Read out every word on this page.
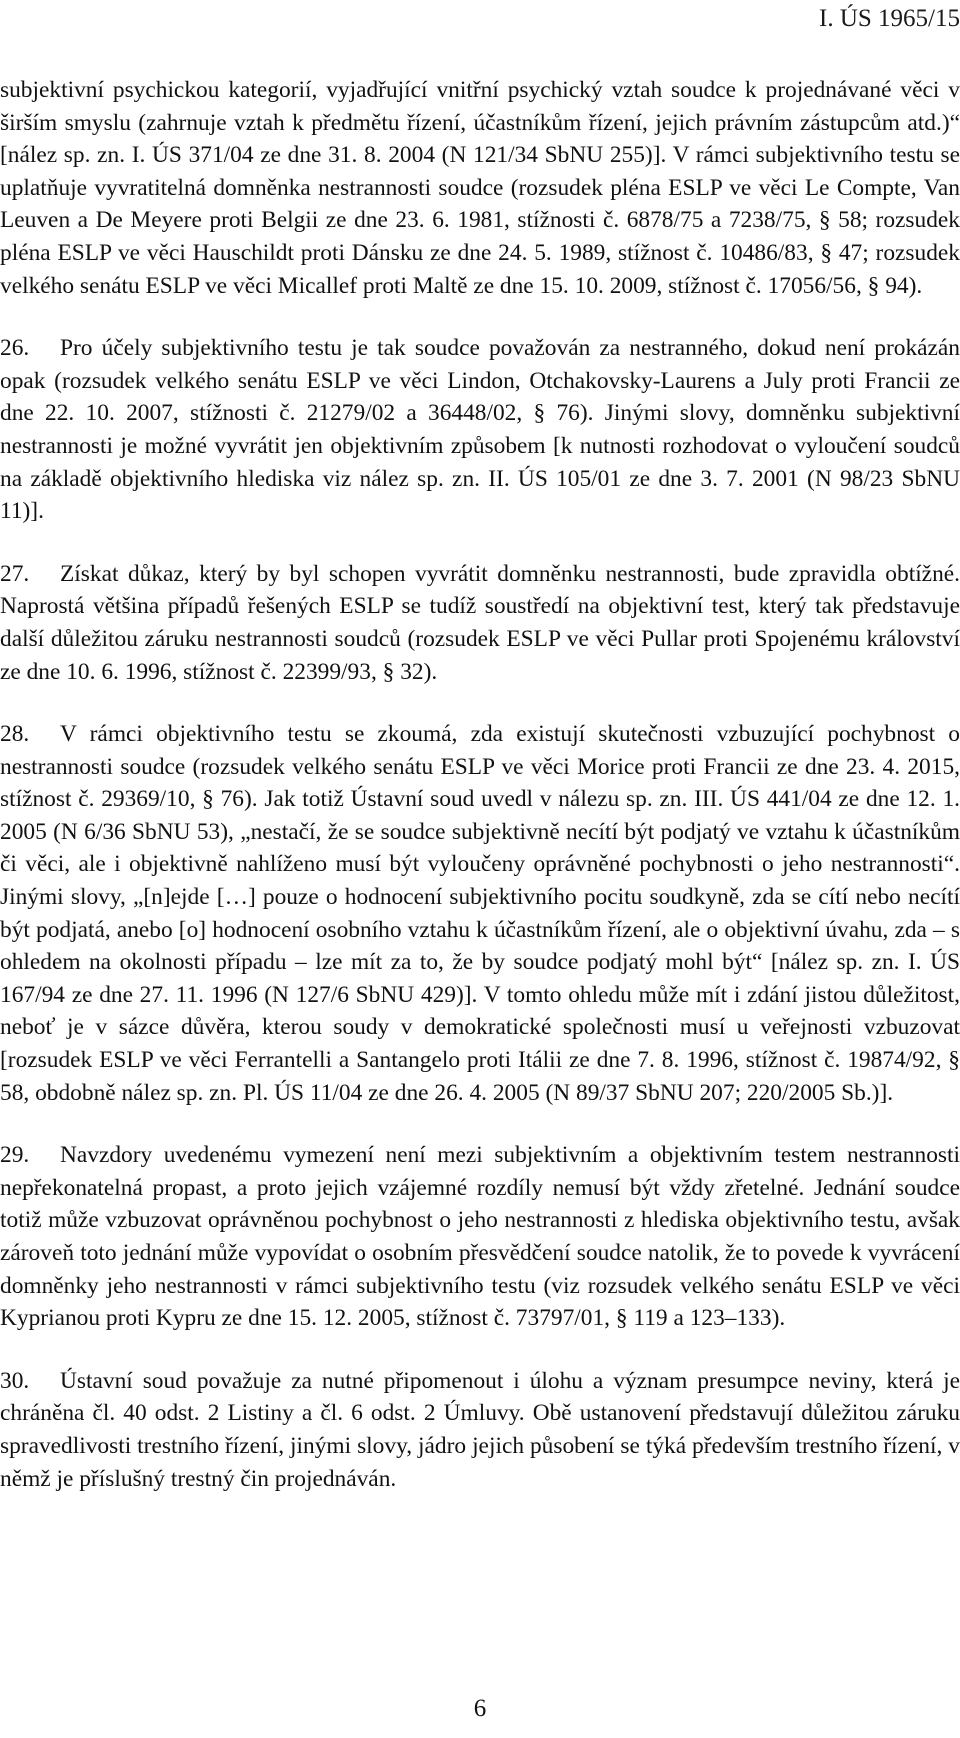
I. ÚS 1965/15

subjektivní psychickou kategorií, vyjadřující vnitřní psychický vztah soudce k projednávané věci v širším smyslu (zahrnuje vztah k předmětu řízení, účastníkům řízení, jejich právním zástupcům atd.)“ [nález sp. zn. I. ÚS 371/04 ze dne 31. 8. 2004 (N 121/34 SbNU 255)]. V rámci subjektivního testu se uplatňuje vyvratitelná domněnka nestrannosti soudce (rozsudek pléna ESLP ve věci Le Compte, Van Leuven a De Meyere proti Belgii ze dne 23. 6. 1981, stížnosti č. 6878/75 a 7238/75, § 58; rozsudek pléna ESLP ve věci Hauschildt proti Dánsku ze dne 24. 5. 1989, stížnost č. 10486/83, § 47; rozsudek velkého senátu ESLP ve věci Micallef proti Maltě ze dne 15. 10. 2009, stížnost č. 17056/56, § 94).

26. Pro účely subjektivního testu je tak soudce považován za nestranného, dokud není prokázán opak (rozsudek velkého senátu ESLP ve věci Lindon, Otchakovsky-Laurens a July proti Francii ze dne 22. 10. 2007, stížnosti č. 21279/02 a 36448/02, § 76). Jinými slovy, domněnku subjektivní nestrannosti je možné vyvrátit jen objektivním způsobem [k nutnosti rozhodovat o vyloučení soudců na základě objektivního hlediska viz nález sp. zn. II. ÚS 105/01 ze dne 3. 7. 2001 (N 98/23 SbNU 11)].

27. Získat důkaz, který by byl schopen vyvrátit domněnku nestrannosti, bude zpravidla obtížné. Naprostá většina případů řešených ESLP se tudíž soustředí na objektivní test, který tak představuje další důležitou záruku nestrannosti soudců (rozsudek ESLP ve věci Pullar proti Spojenému království ze dne 10. 6. 1996, stížnost č. 22399/93, § 32).

28. V rámci objektivního testu se zkoumá, zda existují skutečnosti vzbuzující pochybnost o nestrannosti soudce (rozsudek velkého senátu ESLP ve věci Morice proti Francii ze dne 23. 4. 2015, stížnost č. 29369/10, § 76). Jak totiž Ústavní soud uvedl v nálezu sp. zn. III. ÚS 441/04 ze dne 12. 1. 2005 (N 6/36 SbNU 53), „nestačí, že se soudce subjektivně necítí být podjatý ve vztahu k účastníkům či věci, ale i objektivně nahlíženo musí být vyloučeny oprávněné pochybnosti o jeho nestrannosti“. Jinými slovy, „[n]ejde […] pouze o hodnocení subjektivního pocitu soudkyně, zda se cítí nebo necítí být podjatá, anebo [o] hodnocení osobního vztahu k účastníkům řízení, ale o objektivní úvahu, zda – s ohledem na okolnosti případu – lze mít za to, že by soudce podjatý mohl být“ [nález sp. zn. I. ÚS 167/94 ze dne 27. 11. 1996 (N 127/6 SbNU 429)]. V tomto ohledu může mít i zdání jistou důležitost, neboť je v sázce důvěra, kterou soudy v demokratické společnosti musí u veřejnosti vzbuzovat [rozsudek ESLP ve věci Ferrantelli a Santangelo proti Itálii ze dne 7. 8. 1996, stížnost č. 19874/92, § 58, obdobně nález sp. zn. Pl. ÚS 11/04 ze dne 26. 4. 2005 (N 89/37 SbNU 207; 220/2005 Sb.)].

29. Navzdory uvedenému vymezení není mezi subjektivním a objektivním testem nestrannosti nepřekonatelná propast, a proto jejich vzájemné rozdíly nemusí být vždy zřetelné. Jednání soudce totiž může vzbuzovat oprávněnou pochybnost o jeho nestrannosti z hlediska objektivního testu, avšak zároveň toto jednání může vypovídat o osobním přesvědčení soudce natolik, že to povede k vyvrácení domněnky jeho nestrannosti v rámci subjektivního testu (viz rozsudek velkého senátu ESLP ve věci Kyprianou proti Kypru ze dne 15. 12. 2005, stížnost č. 73797/01, § 119 a 123–133).

30. Ústavní soud považuje za nutné připomenout i úlohu a význam presumpce neviny, která je chráněna čl. 40 odst. 2 Listiny a čl. 6 odst. 2 Úmluvy. Obě ustanovení představují důležitou záruku spravedlivosti trestního řízení, jinými slovy, jádro jejich působení se týká především trestního řízení, v němž je příslušný trestný čin projednáván.

6
